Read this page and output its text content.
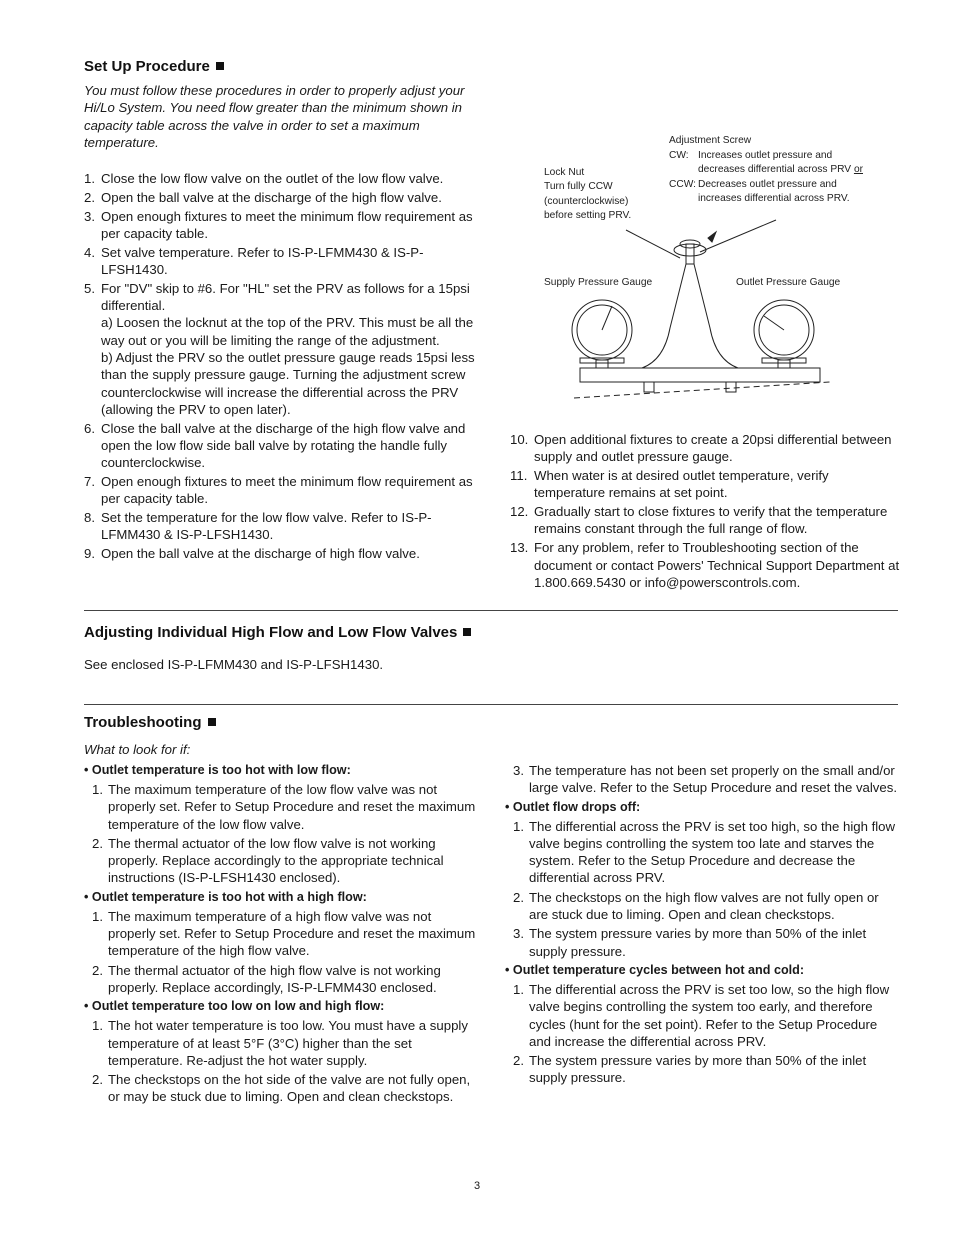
Set Up Procedure
You must follow these procedures in order to properly adjust your Hi/Lo System. You need flow greater than the minimum shown in capacity table across the valve in order to set a maximum temperature.
1. Close the low flow valve on the outlet of the low flow valve.
2. Open the ball valve at the discharge of the high flow valve.
3. Open enough fixtures to meet the minimum flow requirement as per capacity table.
4. Set valve temperature. Refer to IS-P-LFMM430 & IS-P-LFSH1430.
5. For "DV" skip to #6. For "HL" set the PRV as follows for a 15psi differential.

a) Loosen the locknut at the top of the PRV. This must be all the way out or you will be limiting the range of the adjustment.

b) Adjust the PRV so the outlet pressure gauge reads 15psi less than the supply pressure gauge. Turning the adjustment screw counterclockwise will increase the differential across the PRV (allowing the PRV to open later).

6. Close the ball valve at the discharge of the high flow valve and open the low flow side ball valve by rotating the handle fully counterclockwise.
7. Open enough fixtures to meet the minimum flow requirement as per capacity table.
8. Set the temperature for the low flow valve. Refer to IS-P-LFMM430 & IS-P-LFSH1430.
9. Open the ball valve at the discharge of high flow valve.
Adjustment Screw
CW: Increases outlet pressure and decreases differential across PRV or
CCW: Decreases outlet pressure and increases differential across PRV.
Lock Nut
Turn fully CCW
(counterclockwise)
before setting PRV.
Supply Pressure Gauge	Outlet Pressure Gauge
10. Open additional fixtures to create a 20psi differential between supply and outlet pressure gauge.
11. When water is at desired outlet temperature, verify temperature remains at set point.
12. Gradually start to close fixtures to verify that the temperature remains constant through the full range of flow.
13. For any problem, refer to Troubleshooting section of the document or contact Powers' Technical Support Department at 1.800.669.5430 or info@powerscontrols.com.
Adjusting Individual High Flow and Low Flow Valves
See enclosed IS-P-LFMM430 and IS-P-LFSH1430.
Troubleshooting
What to look for if:
• Outlet temperature is too hot with low flow:
1. The maximum temperature of the low flow valve was not properly set. Refer to Setup Procedure and reset the maximum temperature of the low flow valve.
2. The thermal actuator of the low flow valve is not working properly. Replace accordingly to the appropriate technical instructions (IS-P-LFSH1430 enclosed).
• Outlet temperature is too hot with a high flow:
1. The maximum temperature of a high flow valve was not properly set. Refer to Setup Procedure and reset the maximum temperature of the high flow valve.
2. The thermal actuator of the high flow valve is not working properly. Replace accordingly, IS-P-LFMM430 enclosed.
• Outlet temperature too low on low and high flow:
1. The hot water temperature is too low. You must have a supply temperature of at least 5°F (3°C) higher than the set temperature. Re-adjust the hot water supply.
2. The checkstops on the hot side of the valve are not fully open, or may be stuck due to liming. Open and clean checkstops.
3. The temperature has not been set properly on the small and/or large valve. Refer to the Setup Procedure and reset the valves.
• Outlet flow drops off:
1. The differential across the PRV is set too high, so the high flow valve begins controlling the system too late and starves the system. Refer to the Setup Procedure and decrease the differential across PRV.
2. The checkstops on the high flow valves are not fully open or are stuck due to liming. Open and clean checkstops.
3. The system pressure varies by more than 50% of the inlet supply pressure.
• Outlet temperature cycles between hot and cold:
1. The differential across the PRV is set too low, so the high flow valve begins controlling the system too early, and therefore cycles (hunt for the set point). Refer to the Setup Procedure and increase the differential across PRV.
2. The system pressure varies by more than 50% of the inlet supply pressure.
3
